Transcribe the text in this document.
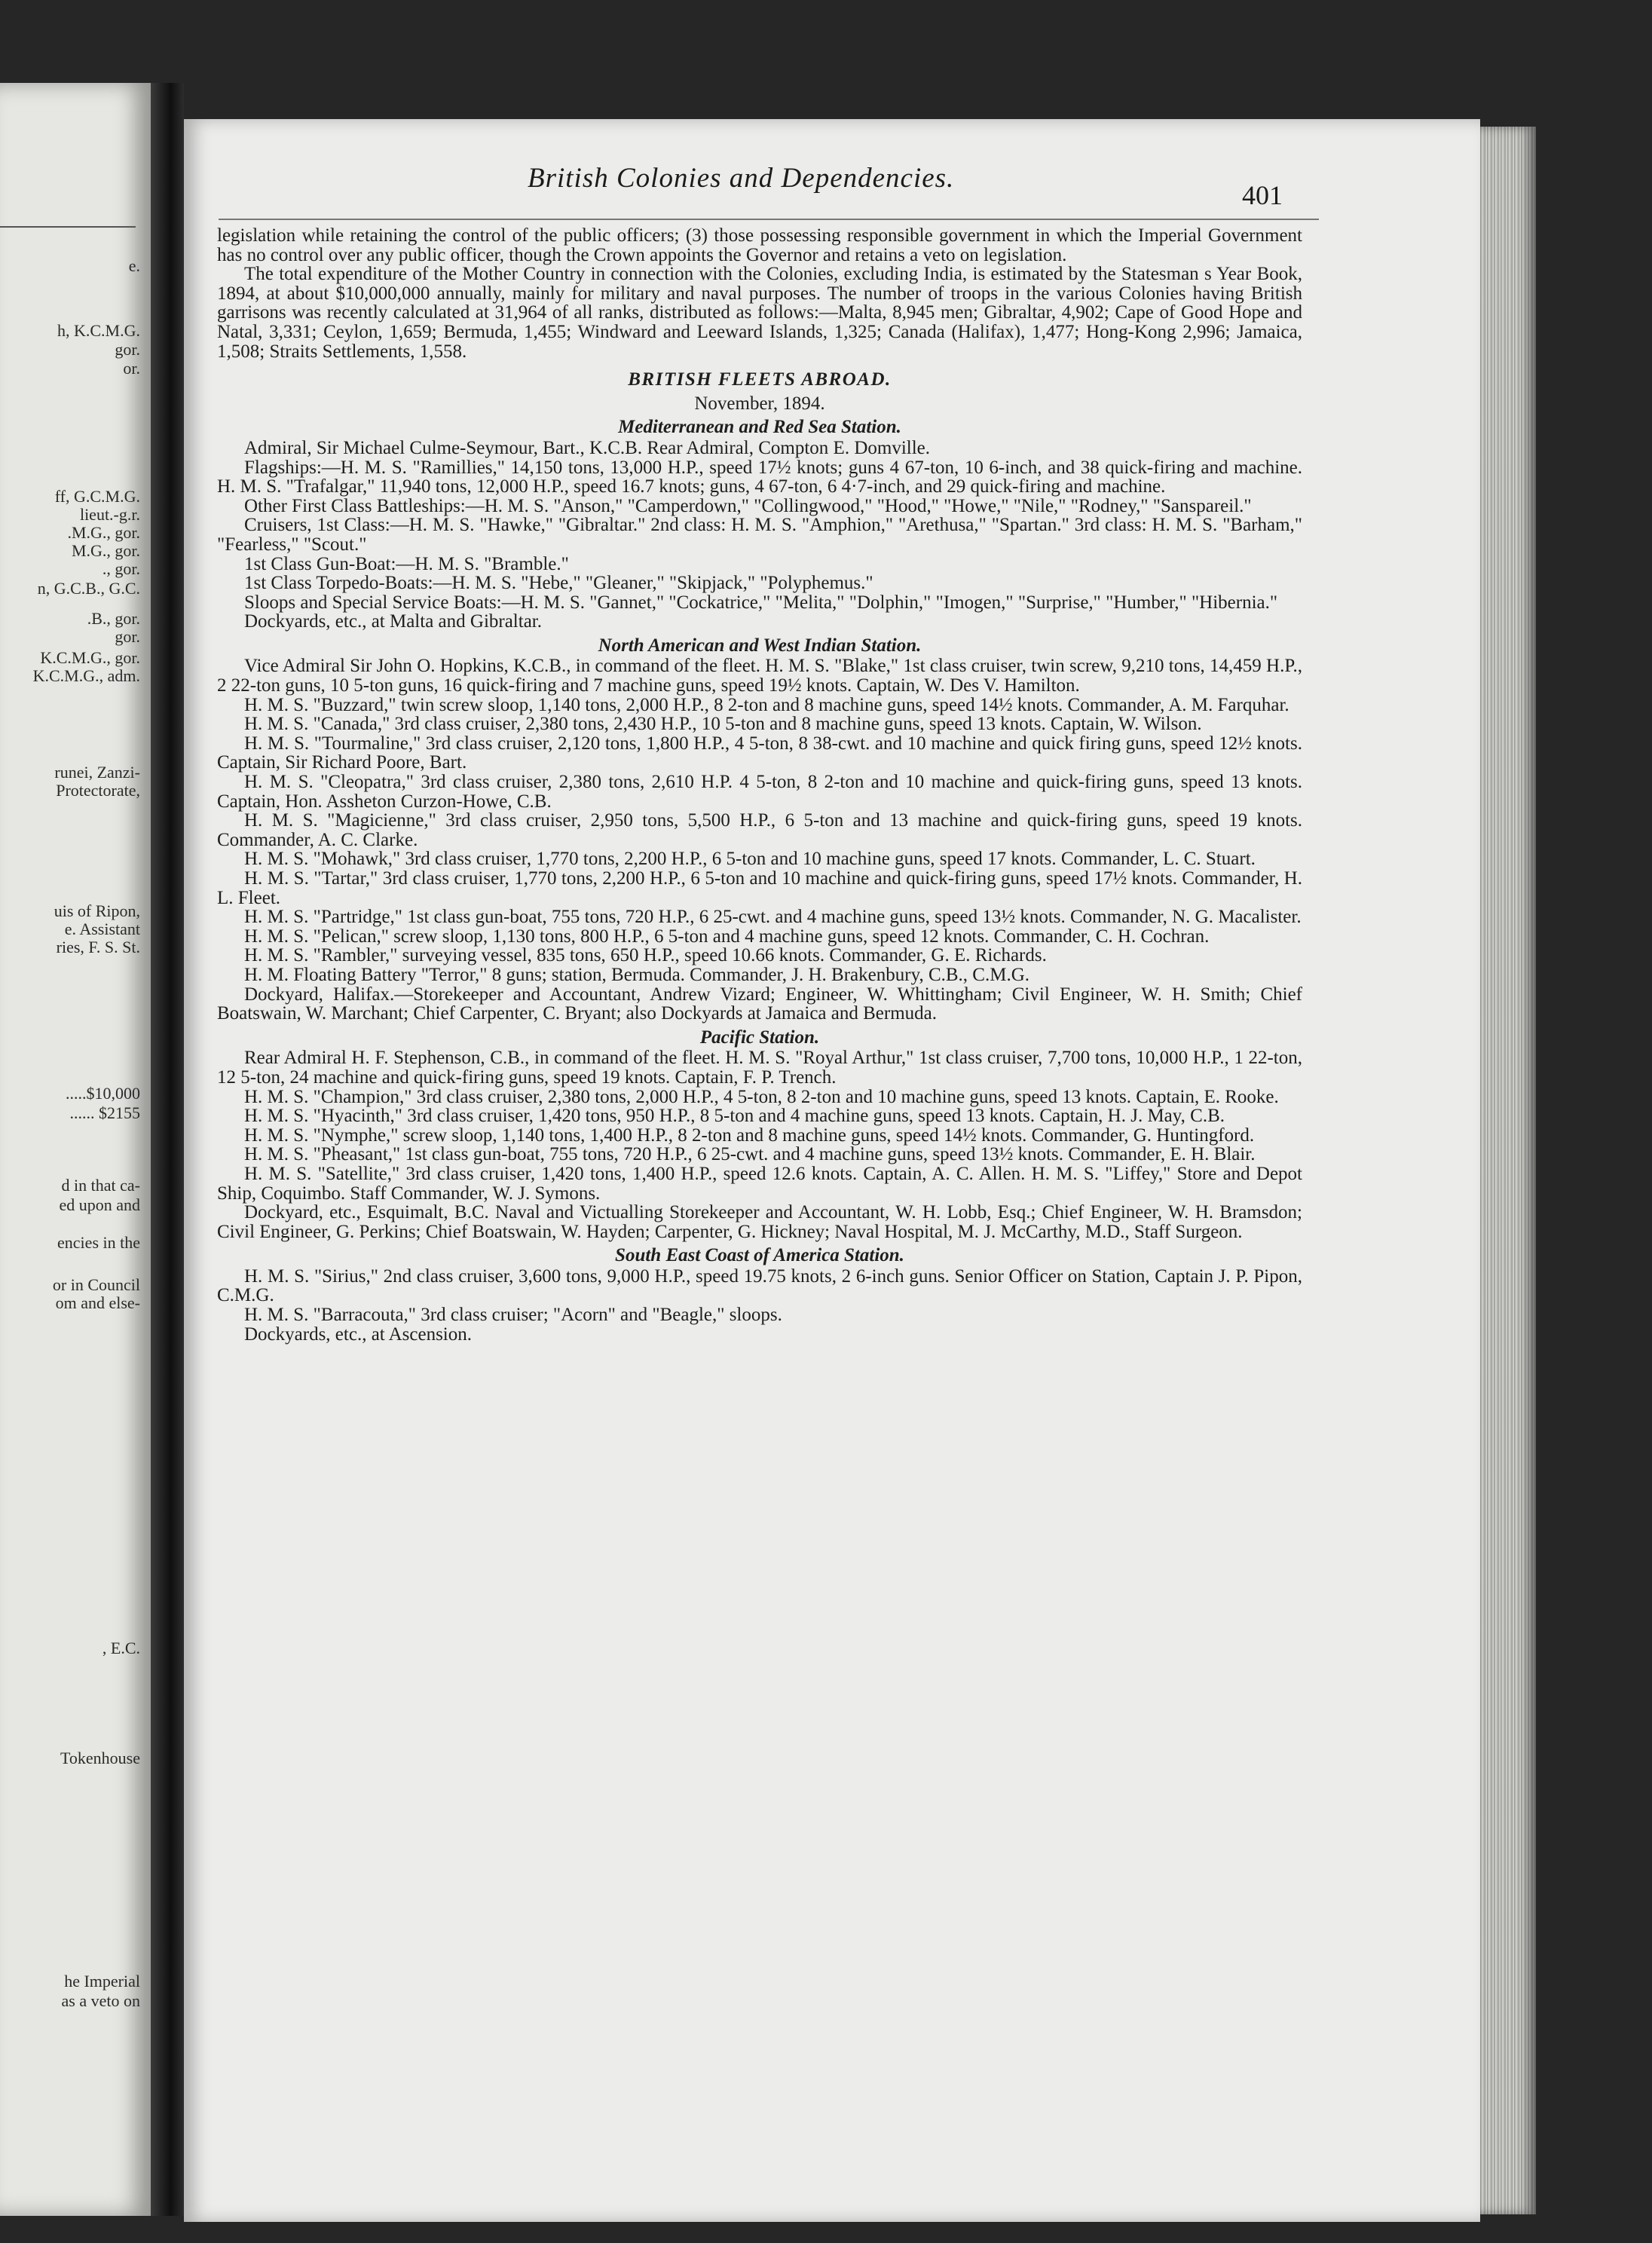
e.
h, K.C.M.G.
gor.
or.
ff, G.C.M.G.
lieut.-g.r.
.M.G., gor.
M.G., gor.
., gor.
n, G.C.B., G.C.
.B., gor.
gor.
K.C.M.G., gor.
K.C.M.G., adm.
runei, Zanzi-
Protectorate,
uis of Ripon,
e. Assistant
ries, F. S. St.
.....$10,000
...... $2155
d in that ca-
ed upon and
encies in the
or in Council
om and else-
, E.C.
Tokenhouse
he Imperial
as a veto on
British Colonies and Dependencies.
401

legislation while retaining the control of the public officers; (3) those possessing responsible government in which the Imperial Government has no control over any public officer, though the Crown appoints the Governor and retains a veto on legislation.

The total expenditure of the Mother Country in connection with the Colonies, excluding India, is estimated by the Statesman s Year Book, 1894, at about $10,000,000 annually, mainly for military and naval purposes. The number of troops in the various Colonies having British garrisons was recently calculated at 31,964 of all ranks, distributed as follows:—Malta, 8,945 men; Gibraltar, 4,902; Cape of Good Hope and Natal, 3,331; Ceylon, 1,659; Bermuda, 1,455; Windward and Leeward Islands, 1,325; Canada (Halifax), 1,477; Hong-Kong 2,996; Jamaica, 1,508; Straits Settlements, 1,558.

BRITISH FLEETS ABROAD.

November, 1894.

Mediterranean and Red Sea Station.

Admiral, Sir Michael Culme-Seymour, Bart., K.C.B. Rear Admiral, Compton E. Domville.

Flagships:—H. M. S. "Ramillies," 14,150 tons, 13,000 H.P., speed 17½ knots; guns 4 67-ton, 10 6-inch, and 38 quick-firing and machine. H. M. S. "Trafalgar," 11,940 tons, 12,000 H.P., speed 16.7 knots; guns, 4 67-ton, 6 4·7-inch, and 29 quick-firing and machine.

Other First Class Battleships:—H. M. S. "Anson," "Camperdown," "Collingwood," "Hood," "Howe," "Nile," "Rodney," "Sanspareil."

Cruisers, 1st Class:—H. M. S. "Hawke," "Gibraltar." 2nd class: H. M. S. "Amphion," "Arethusa," "Spartan." 3rd class: H. M. S. "Barham," "Fearless," "Scout."

1st Class Gun-Boat:—H. M. S. "Bramble."

1st Class Torpedo-Boats:—H. M. S. "Hebe," "Gleaner," "Skipjack," "Polyphemus."

Sloops and Special Service Boats:—H. M. S. "Gannet," "Cockatrice," "Melita," "Dolphin," "Imogen," "Surprise," "Humber," "Hibernia."

Dockyards, etc., at Malta and Gibraltar.

North American and West Indian Station.

Vice Admiral Sir John O. Hopkins, K.C.B., in command of the fleet. H. M. S. "Blake," 1st class cruiser, twin screw, 9,210 tons, 14,459 H.P., 2 22-ton guns, 10 5-ton guns, 16 quick-firing and 7 machine guns, speed 19½ knots. Captain, W. Des V. Hamilton.

H. M. S. "Buzzard," twin screw sloop, 1,140 tons, 2,000 H.P., 8 2-ton and 8 machine guns, speed 14½ knots. Commander, A. M. Farquhar.

H. M. S. "Canada," 3rd class cruiser, 2,380 tons, 2,430 H.P., 10 5-ton and 8 machine guns, speed 13 knots. Captain, W. Wilson.

H. M. S. "Tourmaline," 3rd class cruiser, 2,120 tons, 1,800 H.P., 4 5-ton, 8 38-cwt. and 10 machine and quick firing guns, speed 12½ knots. Captain, Sir Richard Poore, Bart.

H. M. S. "Cleopatra," 3rd class cruiser, 2,380 tons, 2,610 H.P. 4 5-ton, 8 2-ton and 10 machine and quick-firing guns, speed 13 knots. Captain, Hon. Assheton Curzon-Howe, C.B.

H. M. S. "Magicienne," 3rd class cruiser, 2,950 tons, 5,500 H.P., 6 5-ton and 13 machine and quick-firing guns, speed 19 knots. Commander, A. C. Clarke.

H. M. S. "Mohawk," 3rd class cruiser, 1,770 tons, 2,200 H.P., 6 5-ton and 10 machine guns, speed 17 knots. Commander, L. C. Stuart.

H. M. S. "Tartar," 3rd class cruiser, 1,770 tons, 2,200 H.P., 6 5-ton and 10 machine and quick-firing guns, speed 17½ knots. Commander, H. L. Fleet.

H. M. S. "Partridge," 1st class gun-boat, 755 tons, 720 H.P., 6 25-cwt. and 4 machine guns, speed 13½ knots. Commander, N. G. Macalister.

H. M. S. "Pelican," screw sloop, 1,130 tons, 800 H.P., 6 5-ton and 4 machine guns, speed 12 knots. Commander, C. H. Cochran.

H. M. S. "Rambler," surveying vessel, 835 tons, 650 H.P., speed 10.66 knots. Commander, G. E. Richards.

H. M. Floating Battery "Terror," 8 guns; station, Bermuda. Commander, J. H. Brakenbury, C.B., C.M.G.

Dockyard, Halifax.—Storekeeper and Accountant, Andrew Vizard; Engineer, W. Whittingham; Civil Engineer, W. H. Smith; Chief Boatswain, W. Marchant; Chief Carpenter, C. Bryant; also Dockyards at Jamaica and Bermuda.

Pacific Station.

Rear Admiral H. F. Stephenson, C.B., in command of the fleet. H. M. S. "Royal Arthur," 1st class cruiser, 7,700 tons, 10,000 H.P., 1 22-ton, 12 5-ton, 24 machine and quick-firing guns, speed 19 knots. Captain, F. P. Trench.

H. M. S. "Champion," 3rd class cruiser, 2,380 tons, 2,000 H.P., 4 5-ton, 8 2-ton and 10 machine guns, speed 13 knots. Captain, E. Rooke.

H. M. S. "Hyacinth," 3rd class cruiser, 1,420 tons, 950 H.P., 8 5-ton and 4 machine guns, speed 13 knots. Captain, H. J. May, C.B.

H. M. S. "Nymphe," screw sloop, 1,140 tons, 1,400 H.P., 8 2-ton and 8 machine guns, speed 14½ knots. Commander, G. Huntingford.

H. M. S. "Pheasant," 1st class gun-boat, 755 tons, 720 H.P., 6 25-cwt. and 4 machine guns, speed 13½ knots. Commander, E. H. Blair.

H. M. S. "Satellite," 3rd class cruiser, 1,420 tons, 1,400 H.P., speed 12.6 knots. Captain, A. C. Allen. H. M. S. "Liffey," Store and Depot Ship, Coquimbo. Staff Commander, W. J. Symons.

Dockyard, etc., Esquimalt, B.C. Naval and Victualling Storekeeper and Accountant, W. H. Lobb, Esq.; Chief Engineer, W. H. Bramsdon; Civil Engineer, G. Perkins; Chief Boatswain, W. Hayden; Carpenter, G. Hickney; Naval Hospital, M. J. McCarthy, M.D., Staff Surgeon.

South East Coast of America Station.

H. M. S. "Sirius," 2nd class cruiser, 3,600 tons, 9,000 H.P., speed 19.75 knots, 2 6-inch guns. Senior Officer on Station, Captain J. P. Pipon, C.M.G.

H. M. S. "Barracouta," 3rd class cruiser; "Acorn" and "Beagle," sloops.

Dockyards, etc., at Ascension.
